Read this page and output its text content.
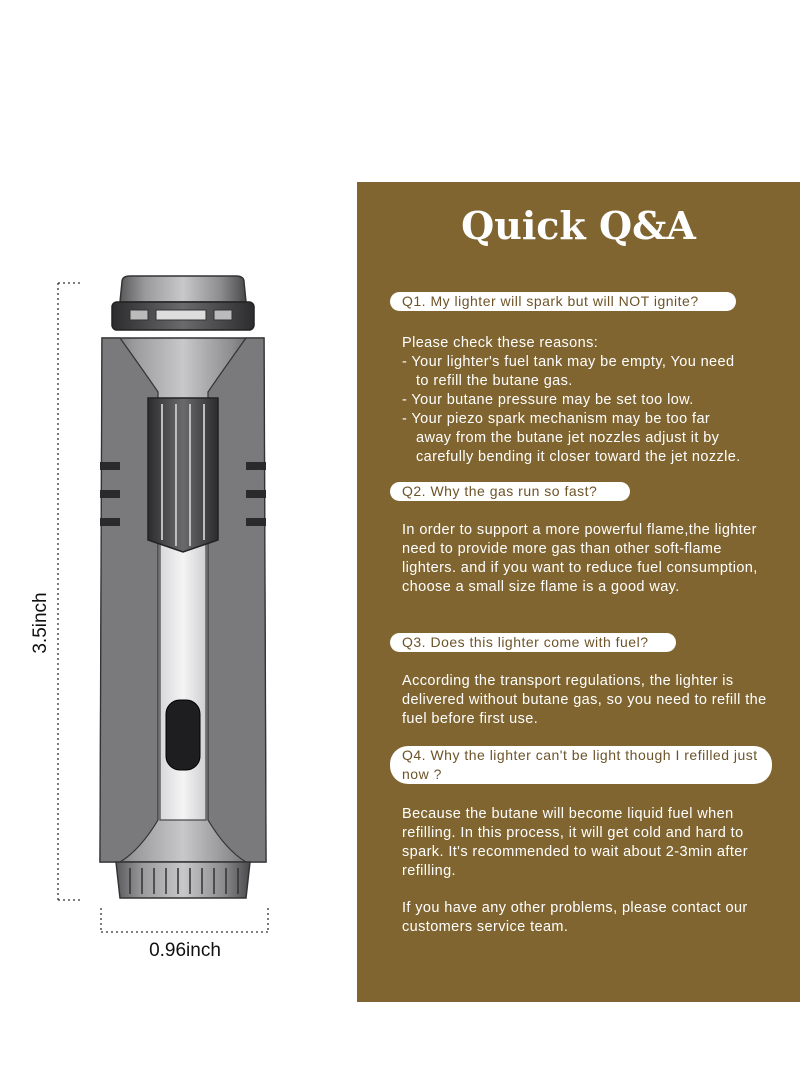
3.5inch
0.96inch
Quick Q&A
Q1. My lighter will spark but will NOT ignite?
Please check these reasons:
- Your lighter's fuel tank may be empty, You need
to refill the butane gas.
- Your butane pressure may be set too low.
- Your piezo spark mechanism may be too far
away from the butane jet nozzles adjust it by
carefully bending it closer toward the jet nozzle.
Q2. Why the gas run so fast?

In order to support a more powerful flame,the lighter need to provide more gas than other soft-flame lighters. and if you want to reduce fuel consumption, choose a small size flame is a good way.

Q3. Does this lighter come with fuel?

According the transport regulations, the lighter is delivered without butane gas, so you need to refill the fuel before first use.

Q4. Why the lighter can't be light though I refilled just now ?

Because the butane will become liquid fuel when refilling. In this process, it will get cold and hard to spark. It's recommended to wait about 2-3min after refilling.

If you have any other problems, please contact our customers service team.
